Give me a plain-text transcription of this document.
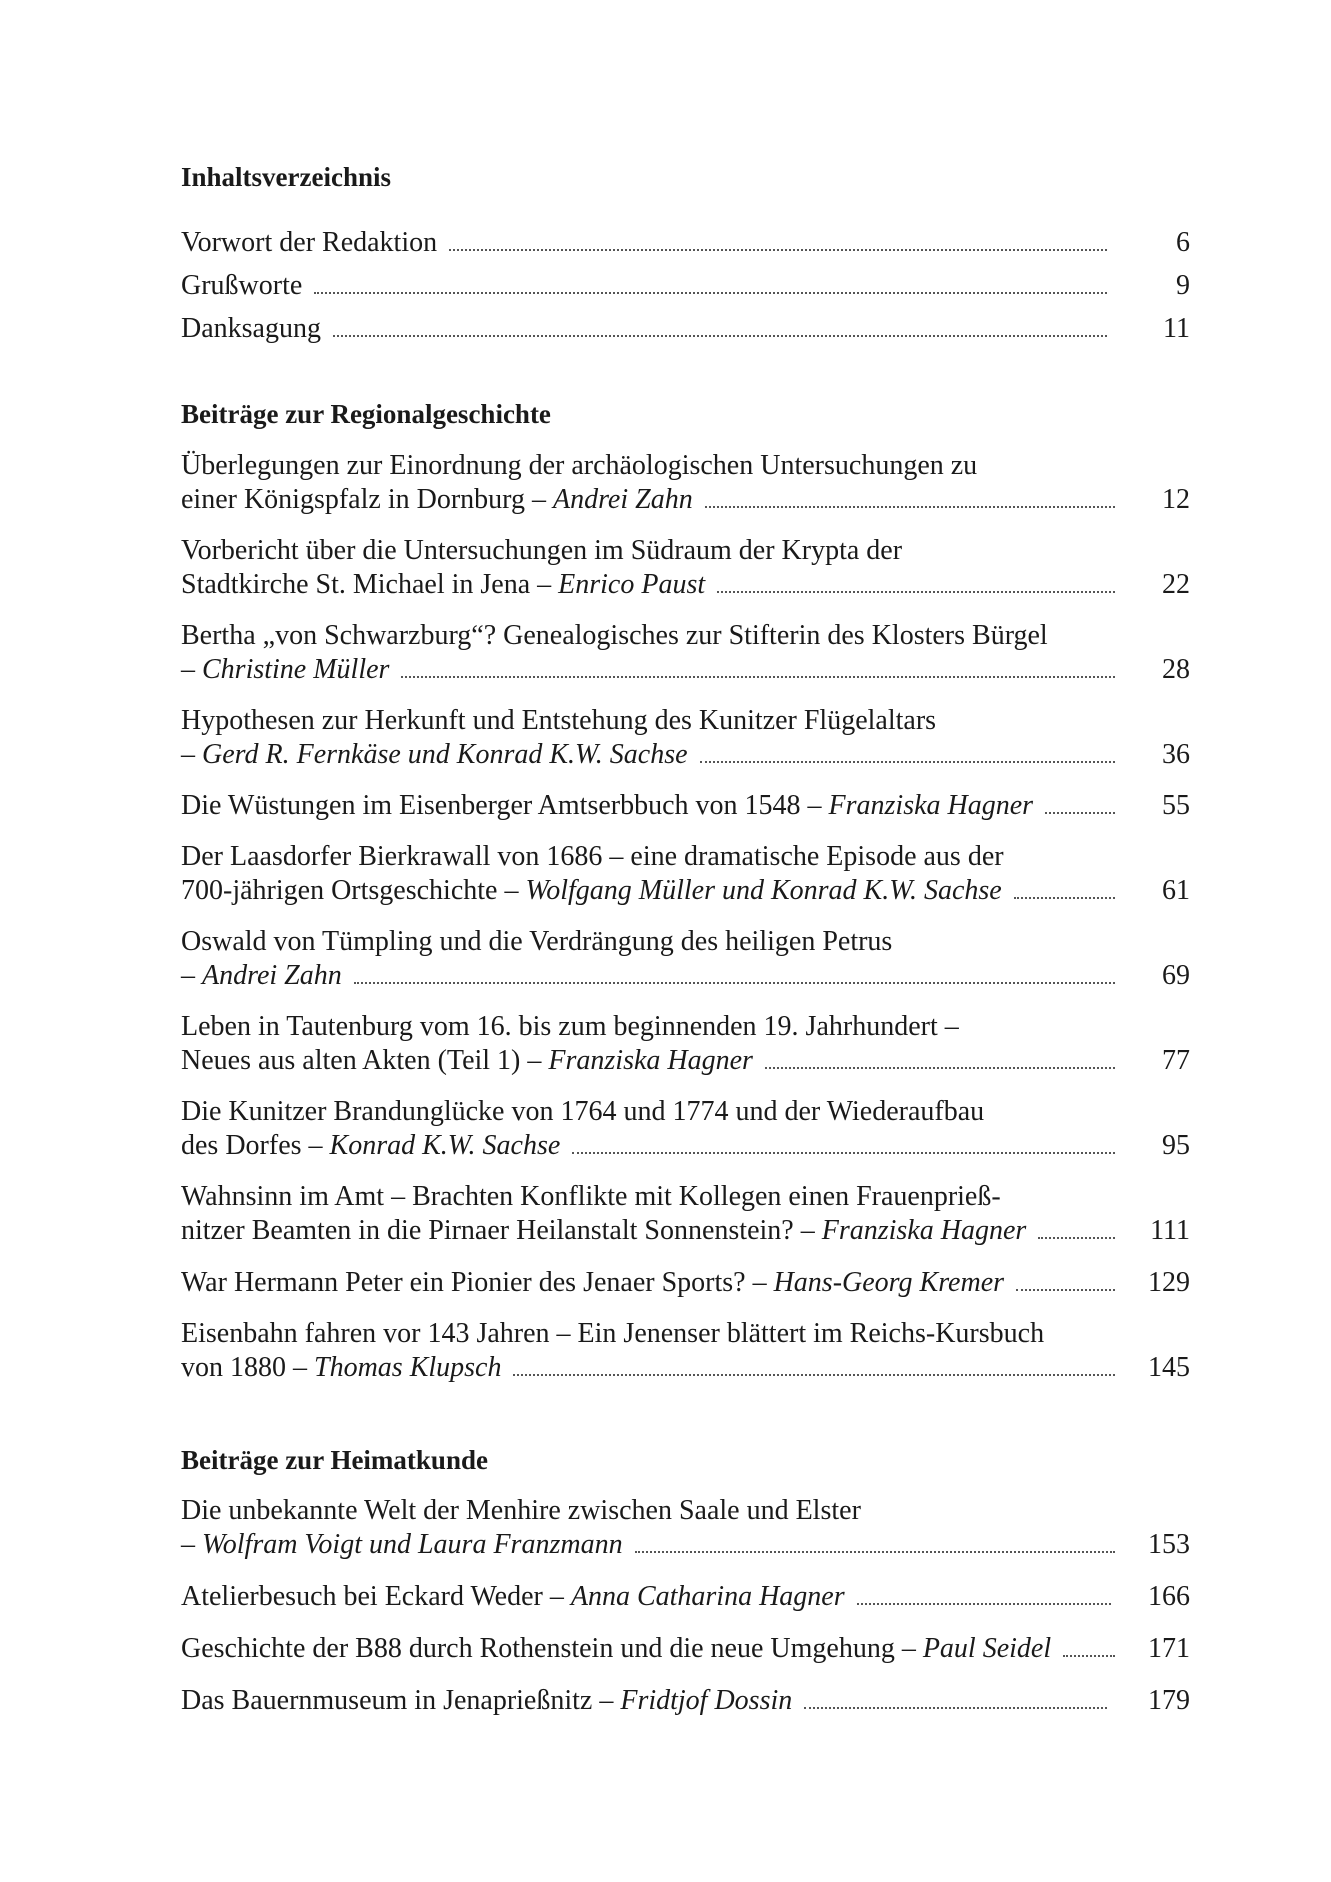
Inhaltsverzeichnis
Vorwort der Redaktion	6
Grußworte	9
Danksagung	11
Beiträge zur Regionalgeschichte
Überlegungen zur Einordnung der archäologischen Untersuchungen zu
einer Königspfalz in Dornburg – Andrei Zahn	12
Vorbericht über die Untersuchungen im Südraum der Krypta der
Stadtkirche St. Michael in Jena – Enrico Paust	22
Bertha „von Schwarzburg“? Genealogisches zur Stifterin des Klosters Bürgel
– Christine Müller	28
Hypothesen zur Herkunft und Entstehung des Kunitzer Flügelaltars
– Gerd R. Fernkäse und Konrad K.W. Sachse	36
Die Wüstungen im Eisenberger Amtserbbuch von 1548 – Franziska Hagner	55
Der Laasdorfer Bierkrawall von 1686 – eine dramatische Episode aus der
700-jährigen Ortsgeschichte – Wolfgang Müller und Konrad K.W. Sachse	61
Oswald von Tümpling und die Verdrängung des heiligen Petrus
– Andrei Zahn	69
Leben in Tautenburg vom 16. bis zum beginnenden 19. Jahrhundert –
Neues aus alten Akten (Teil 1) – Franziska Hagner	77
Die Kunitzer Brandunglücke von 1764 und 1774 und der Wiederaufbau
des Dorfes – Konrad K.W. Sachse	95
Wahnsinn im Amt – Brachten Konflikte mit Kollegen einen Frauenprieß-
nitzer Beamten in die Pirnaer Heilanstalt Sonnenstein? – Franziska Hagner	111
War Hermann Peter ein Pionier des Jenaer Sports? – Hans-Georg Kremer	129
Eisenbahn fahren vor 143 Jahren – Ein Jenenser blättert im Reichs-Kursbuch
von 1880 – Thomas Klupsch	145
Beiträge zur Heimatkunde
Die unbekannte Welt der Menhire zwischen Saale und Elster
– Wolfram Voigt und Laura Franzmann	153
Atelierbesuch bei Eckard Weder – Anna Catharina Hagner	166
Geschichte der B88 durch Rothenstein und die neue Umgehung – Paul Seidel	171
Das Bauernmuseum in Jenaprießnitz – Fridtjof Dossin	179
